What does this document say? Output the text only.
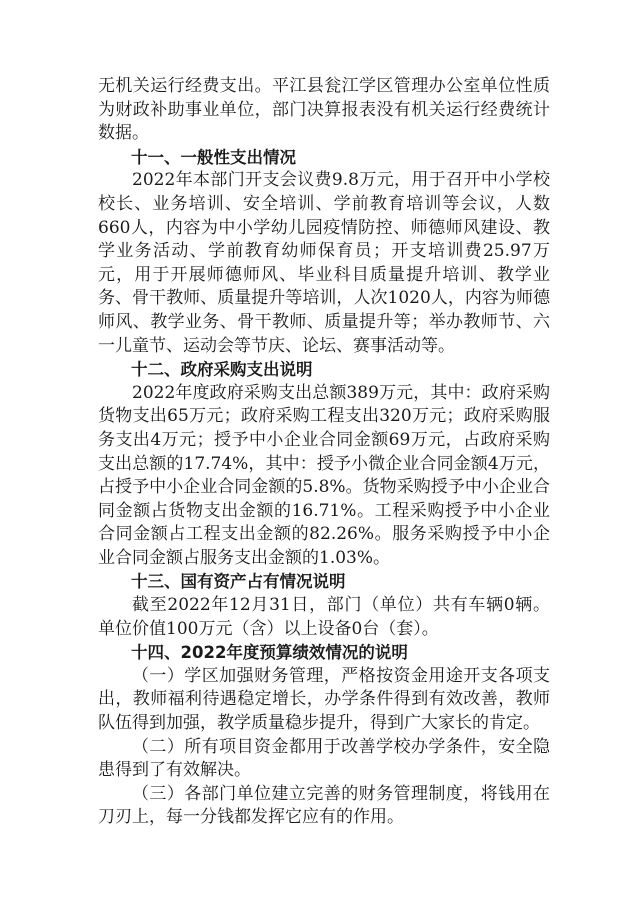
无机关运行经费支出。平江县瓮江学区管理办公室单位性质为财政补助事业单位，部门决算报表没有机关运行经费统计数据。

十一、一般性支出情况

2022年本部门开支会议费9.8万元，用于召开中小学校校长、业务培训、安全培训、学前教育培训等会议，人数660人，内容为中小学幼儿园疫情防控、师德师风建设、教学业务活动、学前教育幼师保育员；开支培训费25.97万元，用于开展师德师风、毕业科目质量提升培训、教学业务、骨干教师、质量提升等培训，人次1020人，内容为师德师风、教学业务、骨干教师、质量提升等；举办教师节、六一儿童节、运动会等节庆、论坛、赛事活动等。

十二、政府采购支出说明

2022年度政府采购支出总额389万元，其中：政府采购货物支出65万元；政府采购工程支出320万元；政府采购服务支出4万元；授予中小企业合同金额69万元，占政府采购支出总额的17.74%，其中：授予小微企业合同金额4万元，占授予中小企业合同金额的5.8%。货物采购授予中小企业合同金额占货物支出金额的16.71%。工程采购授予中小企业合同金额占工程支出金额的82.26%。服务采购授予中小企业合同金额占服务支出金额的1.03%。

十三、国有资产占有情况说明

截至2022年12月31日，部门（单位）共有车辆0辆。单位价值100万元（含）以上设备0台（套）。

十四、2022年度预算绩效情况的说明

（一）学区加强财务管理，严格按资金用途开支各项支出，教师福利待遇稳定增长，办学条件得到有效改善，教师队伍得到加强，教学质量稳步提升，得到广大家长的肯定。

（二）所有项目资金都用于改善学校办学条件，安全隐患得到了有效解决。

（三）各部门单位建立完善的财务管理制度，将钱用在刀刃上，每一分钱都发挥它应有的作用。
